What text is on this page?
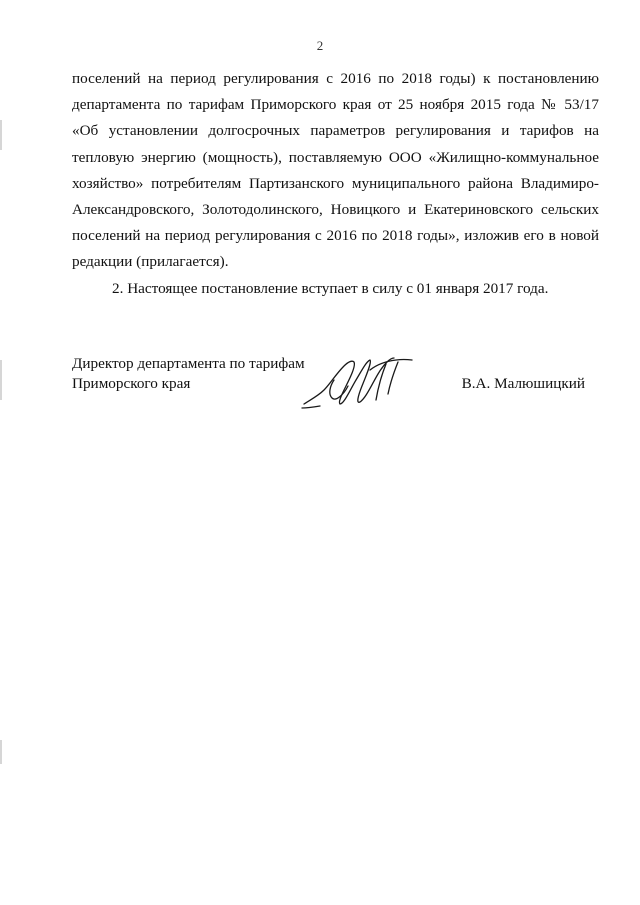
2
поселений на период регулирования с 2016 по 2018 годы) к постановлению
департамента по тарифам Приморского края от 25 ноября 2015 года № 53/17
«Об установлении долгосрочных параметров регулирования и тарифов на
тепловую энергию (мощность), поставляемую ООО «Жилищно-коммунальное
хозяйство» потребителям Партизанского муниципального района Владимиро-
Александровского, Золотодолинского, Новицкого и Екатериновского сельских
поселений на период регулирования с 2016 по 2018 годы», изложив его в новой
редакции (прилагается).
2. Настоящее постановление вступает в силу с 01 января 2017 года.
Директор департамента по тарифам
Приморского края	В.А. Малюшицкий
